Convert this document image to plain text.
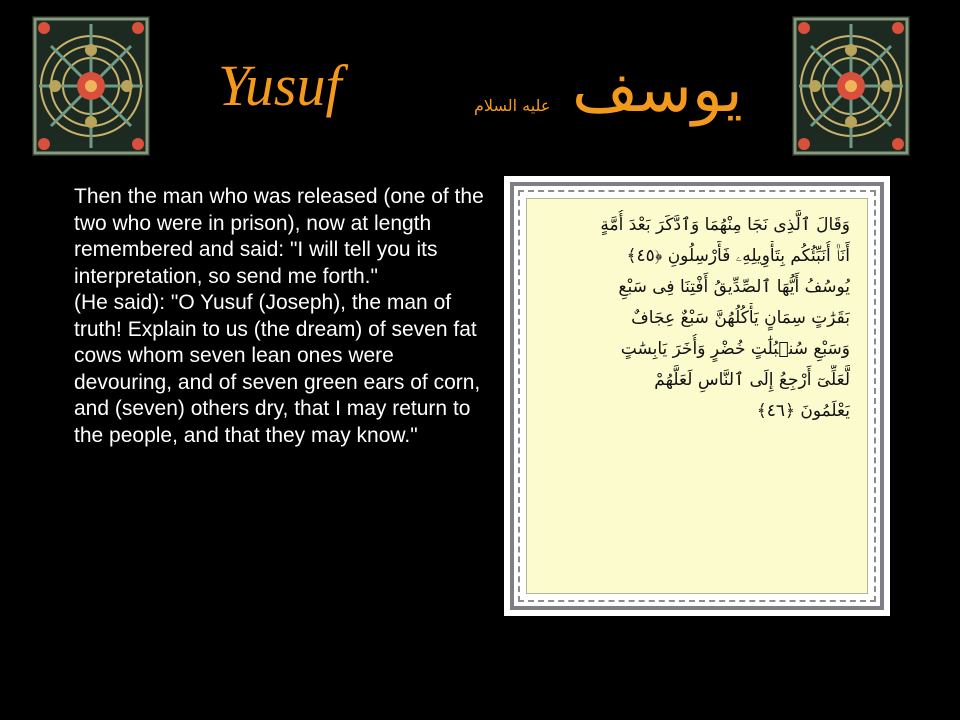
Yusuf	عليه السلام يوسف

Then the man who was released (one of the two who were in prison), now at length remembered and said: "I will tell you its interpretation, so send me forth."

(He said): "O Yusuf (Joseph), the man of truth! Explain to us (the dream) of seven fat cows whom seven lean ones were devouring, and of seven green ears of corn, and (seven) others dry, that I may return to the people, and that they may know."

وَقَالَ ٱلَّذِى نَجَا مِنْهُمَا وَٱدَّكَرَ بَعْدَ أُمَّةٍ
أَنَا۠ أُنَبِّئُكُم بِتَأْوِيلِهِۦ فَأَرْسِلُونِ ﴿٤٥﴾
يُوسُفُ أَيُّهَا ٱلصِّدِّيقُ أَفْتِنَا فِى سَبْعِ
بَقَرَٰتٍ سِمَانٍ يَأْكُلُهُنَّ سَبْعٌ عِجَافٌ
وَسَبْعِ سُنۢبُلَٰتٍ خُضْرٍ وَأُخَرَ يَابِسَٰتٍ
لَّعَلِّىٓ أَرْجِعُ إِلَى ٱلنَّاسِ لَعَلَّهُمْ
يَعْلَمُونَ ﴿٤٦﴾
